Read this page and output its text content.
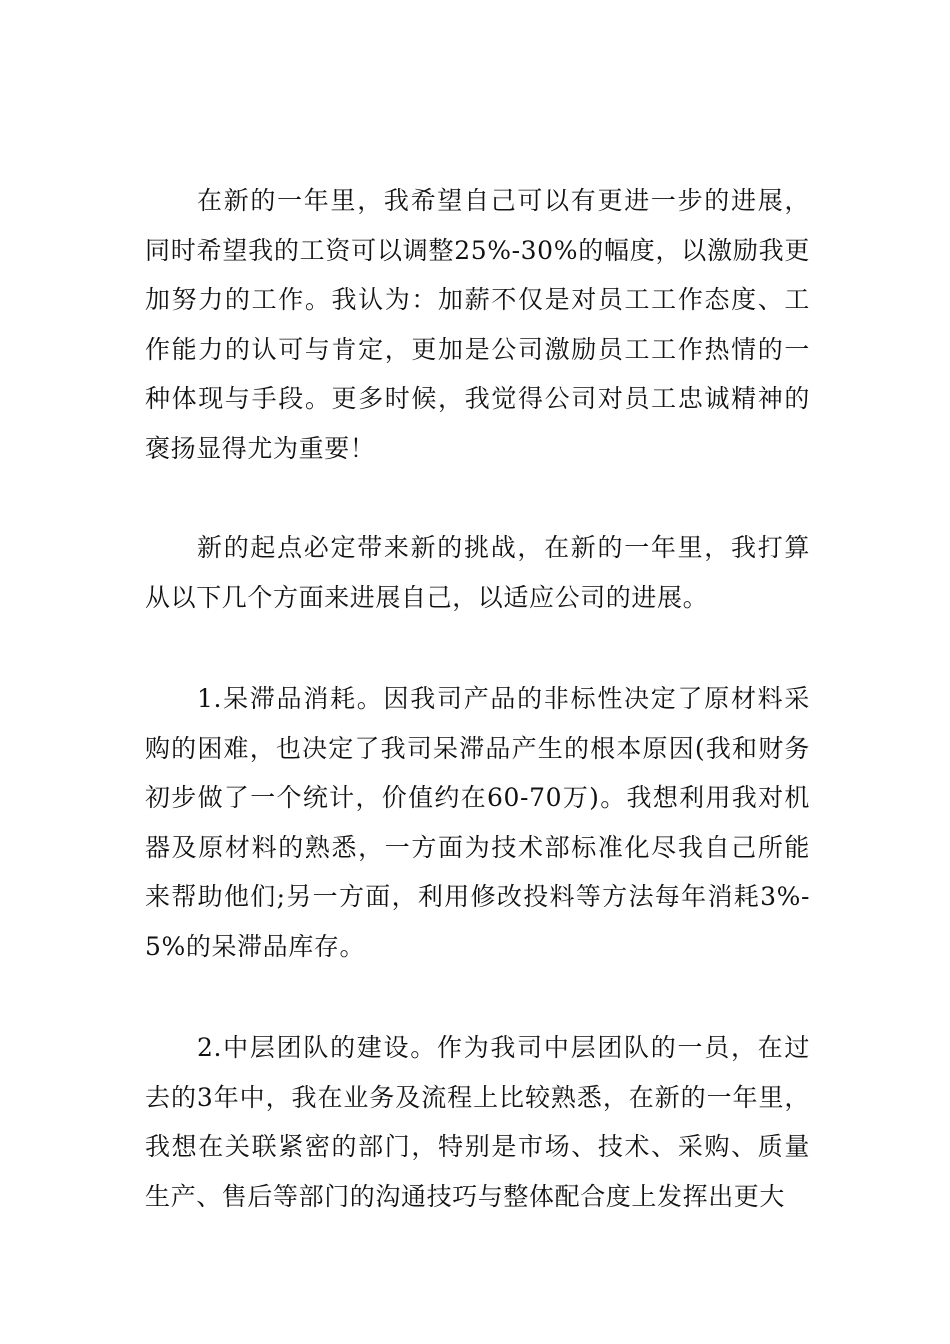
在新的一年里，我希望自己可以有更进一步的进展，同时希望我的工资可以调整25%-30%的幅度，以激励我更加努力的工作。我认为：加薪不仅是对员工工作态度、工作能力的认可与肯定，更加是公司激励员工工作热情的一种体现与手段。更多时候，我觉得公司对员工忠诚精神的褒扬显得尤为重要！

新的起点必定带来新的挑战，在新的一年里，我打算从以下几个方面来进展自己，以适应公司的进展。

1.呆滞品消耗。因我司产品的非标性决定了原材料采购的困难，也决定了我司呆滞品产生的根本原因(我和财务初步做了一个统计，价值约在60-70万)。我想利用我对机器及原材料的熟悉，一方面为技术部标准化尽我自己所能来帮助他们;另一方面，利用修改投料等方法每年消耗3%-5%的呆滞品库存。

2.中层团队的建设。作为我司中层团队的一员，在过去的3年中，我在业务及流程上比较熟悉，在新的一年里，我想在关联紧密的部门，特别是市场、技术、采购、质量生产、售后等部门的沟通技巧与整体配合度上发挥出更大
